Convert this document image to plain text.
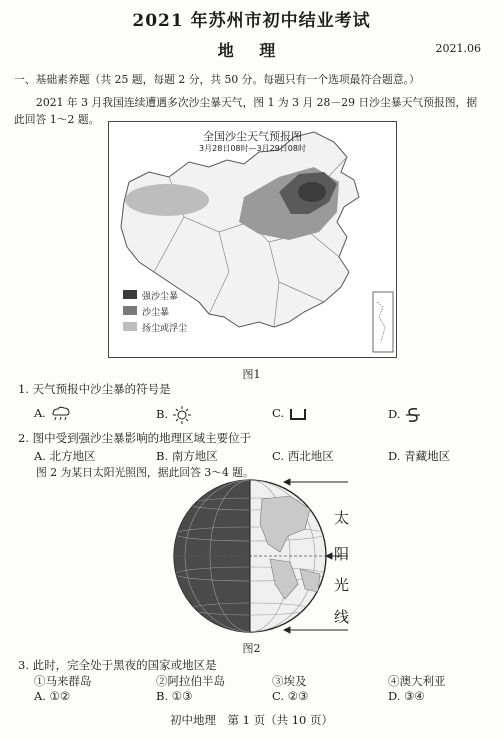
2021 年苏州市初中结业考试
地 理	2021.06
一、基础素养题（共 25 题，每题 2 分，共 50 分。每题只有一个选项最符合题意。）
2021 年 3 月我国连续遭遇多次沙尘暴天气，图 1 为 3 月 28－29 日沙尘暴天气预报图，据
此回答 1～2 题。
全国沙尘天气预报图
3月28日08时—3月29日08时
强沙尘暴
沙尘暴
扬尘或浮尘
图1
1. 天气预报中沙尘暴的符号是
A.	B.	C.	D.
2. 图中受到强沙尘暴影响的地理区域主要位于
A. 北方地区	B. 南方地区	C. 西北地区	D. 青藏地区
图 2 为某日太阳光照图，据此回答 3～4 题。
太
阳
光
线
图2
3. 此时，完全处于黑夜的国家或地区是
①马来群岛	②阿拉伯半岛	③埃及	④澳大利亚
A. ①②	B. ①③	C. ②③	D. ③④
初中地理　第 1 页（共 10 页）
